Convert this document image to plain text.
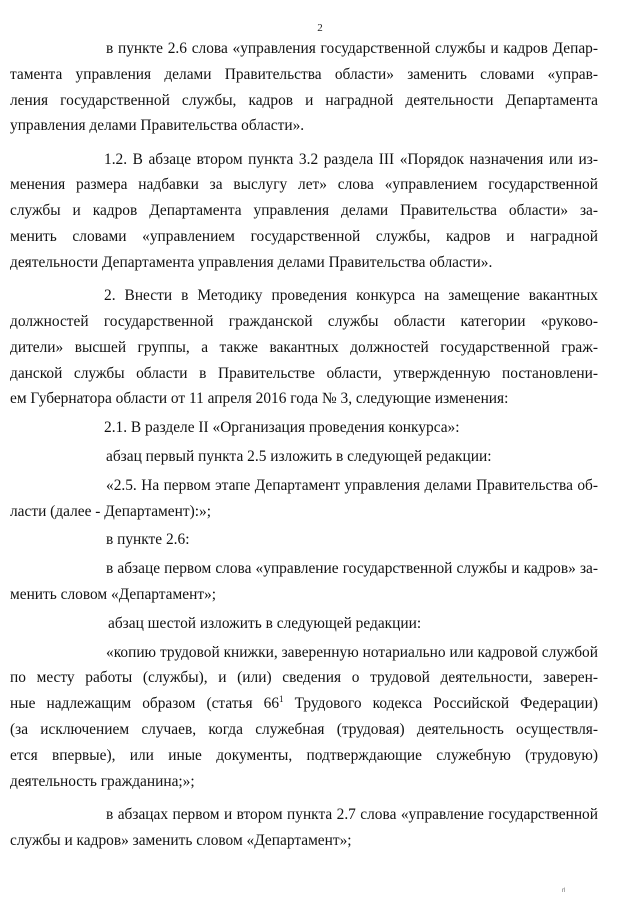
2
в пункте 2.6 слова «управления государственной службы и кадров Депар-
тамента управления делами Правительства области» заменить словами «управ-
ления государственной службы, кадров и наградной деятельности Департамента
управления делами Правительства области».
1.2. В абзаце втором пункта 3.2 раздела III «Порядок назначения или из-
менения размера надбавки за выслугу лет» слова «управлением государственной
службы и кадров Департамента управления делами Правительства области» за-
менить словами «управлением государственной службы, кадров и наградной
деятельности Департамента управления делами Правительства области».
2. Внести в Методику проведения конкурса на замещение вакантных
должностей государственной гражданской службы области категории «руково-
дители» высшей группы, а также вакантных должностей государственной граж-
данской службы области в Правительстве области, утвержденную постановлени-
ем Губернатора области от 11 апреля 2016 года № 3, следующие изменения:
2.1. В разделе II «Организация проведения конкурса»:
абзац первый пункта 2.5 изложить в следующей редакции:
«2.5. На первом этапе Департамент управления делами Правительства об-
ласти (далее - Департамент):»;
в пункте 2.6:
в абзаце первом слова «управление государственной службы и кадров» за-
менить словом «Департамент»;
абзац шестой изложить в следующей редакции:
«копию трудовой книжки, заверенную нотариально или кадровой службой
по месту работы (службы), и (или) сведения о трудовой деятельности, заверен-
ные надлежащим образом (статья $66^1$ Трудового кодекса Российской Федерации)
(за исключением случаев, когда служебная (трудовая) деятельность осуществля-
ется впервые), или иные документы, подтверждающие служебную (трудовую)
деятельность гражданина;»;
в абзацах первом и втором пункта 2.7 слова «управление государственной
службы и кадров» заменить словом «Департамент»;
rl
